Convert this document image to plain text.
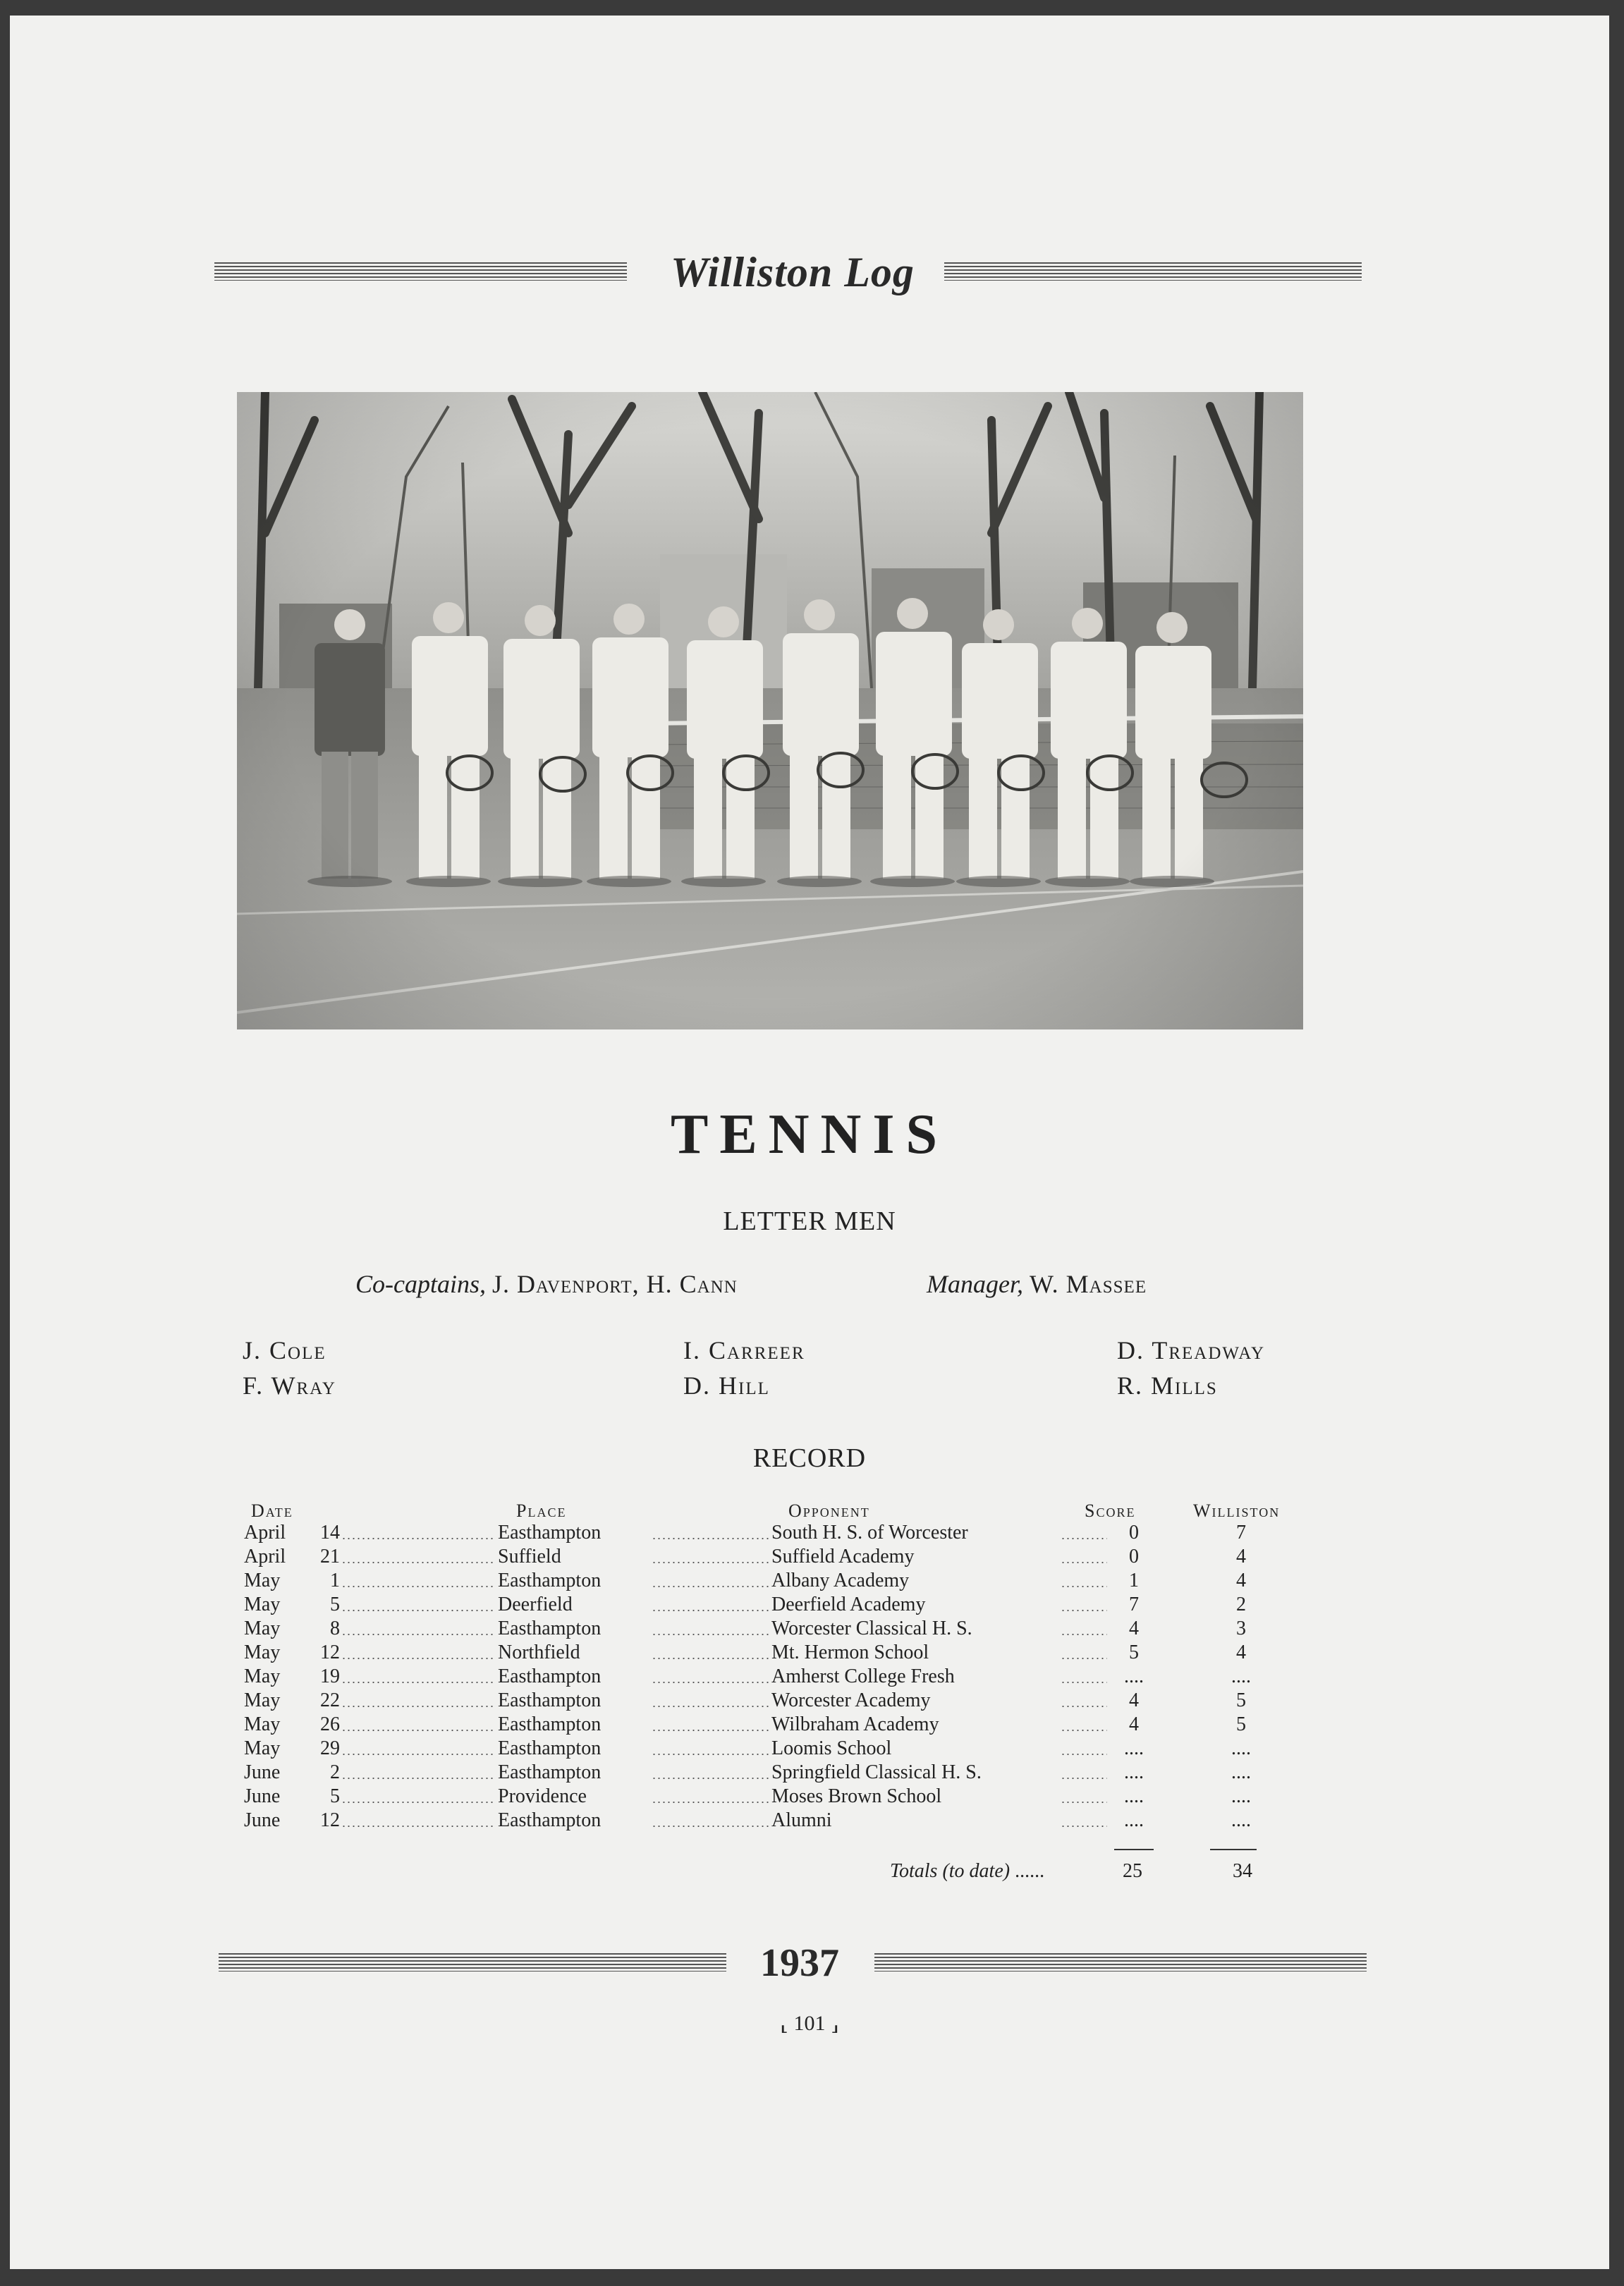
Williston Log
TENNIS
LETTER MEN
Co-captains, J. Davenport, H. Cann	Manager, W. Massee
J. Cole	I. Carreer	D. Treadway
F. Wray	D. Hill	R. Mills
RECORD
Date	Place	Opponent	Score	Williston
April	14	Easthampton	South H. S. of Worcester	0	7
April	21	Suffield	Suffield Academy	0	4
May	1	Easthampton	Albany Academy	1	4
May	5	Deerfield	Deerfield Academy	7	2
May	8	Easthampton	Worcester Classical H. S.	4	3
May	12	Northfield	Mt. Hermon School	5	4
May	19	Easthampton	Amherst College Fresh	....	....
May	22	Easthampton	Worcester Academy	4	5
May	26	Easthampton	Wilbraham Academy	4	5
May	29	Easthampton	Loomis School	....	....
June	2	Easthampton	Springfield Classical H. S.	....	....
June	5	Providence	Moses Brown School	....	....
June	12	Easthampton	Alumni	....	....
Totals (to date) ......	25	34
1937
⸤ 101 ⸥
